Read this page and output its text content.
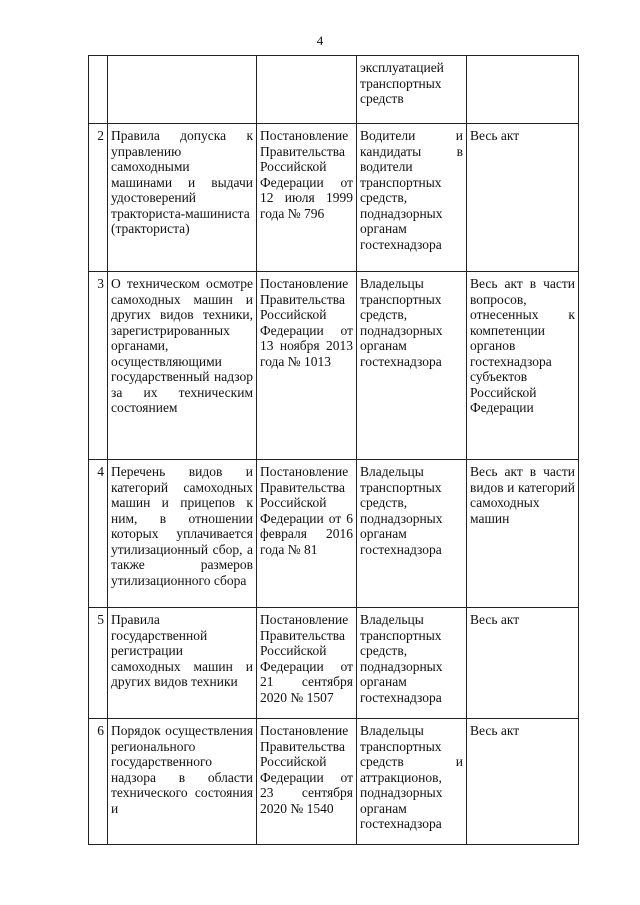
4
			эксплуатацией транспортных средств	
2	Правила допуска к управлению самоходными машинами и выдачи удостоверений тракториста-машиниста (тракториста)	Постановление Правительства Российской Федерации от 12 июля 1999 года № 796	Водители и кандидаты в водители транспортных средств, поднадзорных органам гостехнадзора	Весь акт
3	О техническом осмотре самоходных машин и других видов техники, зарегистрированных органами, осуществляющими государственный надзор за их техническим состоянием	Постановление Правительства Российской Федерации от 13 ноября 2013 года № 1013	Владельцы транспортных средств, поднадзорных органам гостехнадзора	Весь акт в части вопросов, отнесенных к компетенции органов гостехнадзора субъектов Российской Федерации
4	Перечень видов и категорий самоходных машин и прицепов к ним, в отношении которых уплачивается утилизационный сбор, а также размеров утилизационного сбора	Постановление Правительства Российской Федерации от 6 февраля 2016 года № 81	Владельцы транспортных средств, поднадзорных органам гостехнадзора	Весь акт в части видов и категорий самоходных машин
5	Правила государственной регистрации самоходных машин и других видов техники	Постановление Правительства Российской Федерации от 21 сентября 2020 № 1507	Владельцы транспортных средств, поднадзорных органам гостехнадзора	Весь акт
6	Порядок осуществления регионального государственного надзора в области технического состояния и	Постановление Правительства Российской Федерации от 23 сентября 2020 № 1540	Владельцы транспортных средств и аттракционов, поднадзорных органам гостехнадзора	Весь акт
